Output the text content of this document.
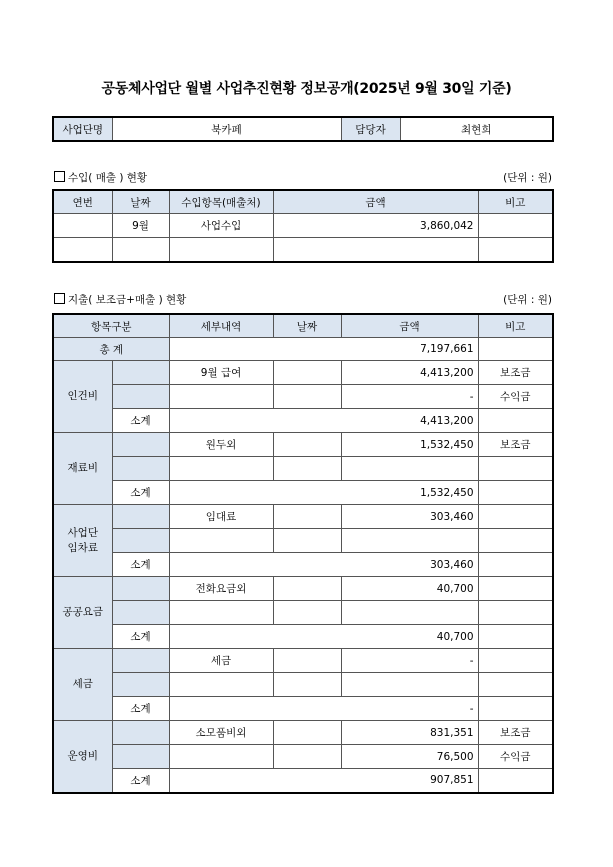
공동체사업단 월별 사업추진현황 정보공개(2025년 9월 30일 기준)
사업단명	북카페	담당자	최현희
수입( 매출 ) 현황	(단위 : 원)
연번	날짜	수입항목(매출처)	금액	비고
	9월	사업수입	3,860,042	

지출( 보조금+매출 ) 현황	(단위 : 원)
항목구분		세부내역	날짜	금액	비고
총 계		7,197,661			
인건비		9월 급여		4,413,200	보조금
				-	수익금
	소계	4,413,200			
재료비		원두외		1,532,450	보조금

	소계	1,532,450			
사업단
임차료		임대료		303,460	

	소계	303,460			
공공요금		전화요금외		40,700	

	소계	40,700			
세금		세금		-	

	소계	-			
운영비		소모품비외		831,351	보조금
				76,500	수익금
	소계	907,851			
